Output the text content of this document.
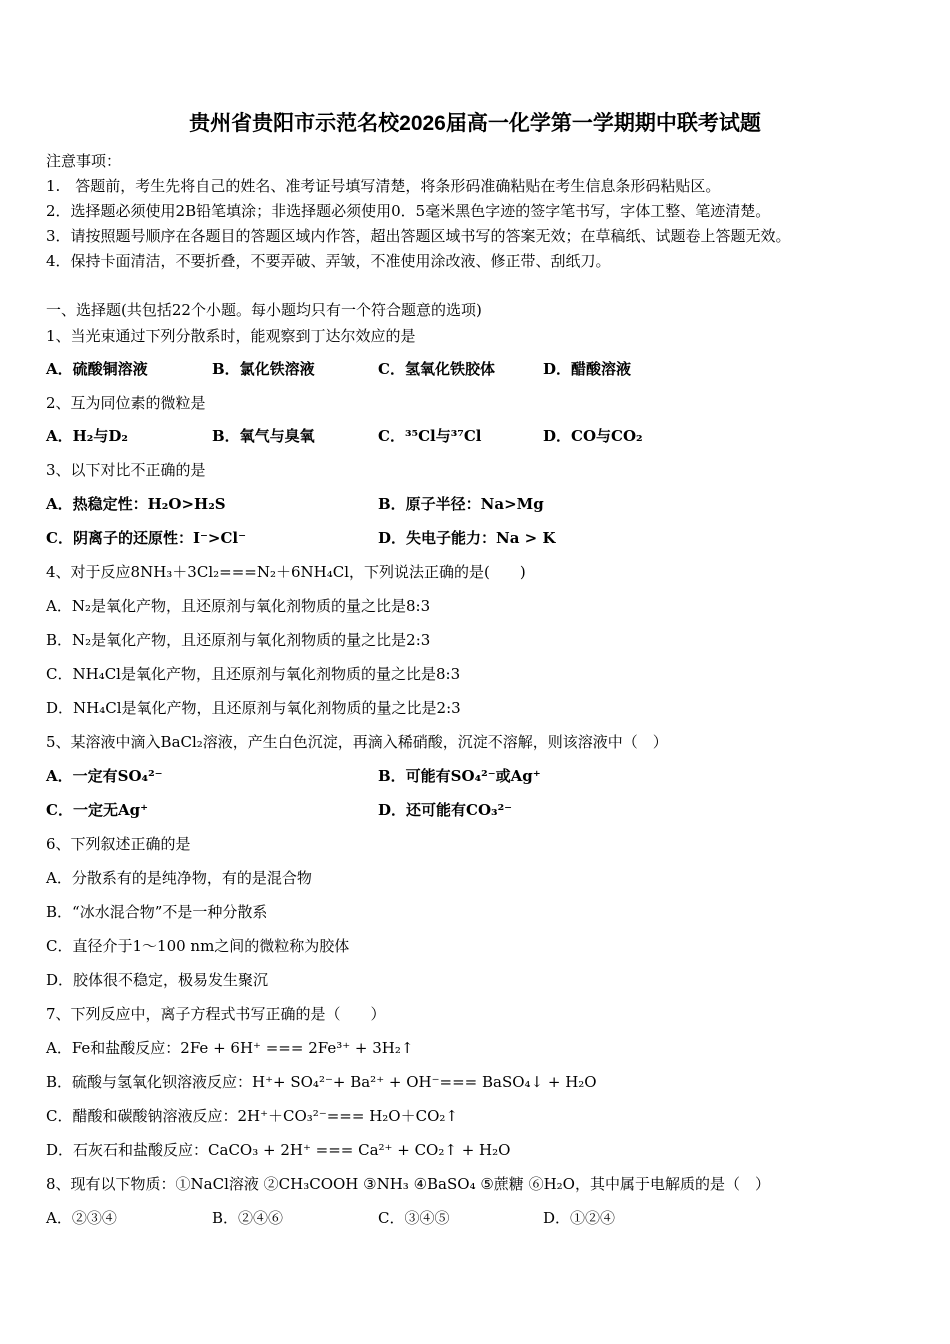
贵州省贵阳市示范名校2026届高一化学第一学期期中联考试题
注意事项：
1.　答题前，考生先将自己的姓名、准考证号填写清楚，将条形码准确粘贴在考生信息条形码粘贴区。
2．选择题必须使用2B铅笔填涂；非选择题必须使用0．5毫米黑色字迹的签字笔书写，字体工整、笔迹清楚。
3．请按照题号顺序在各题目的答题区域内作答，超出答题区域书写的答案无效；在草稿纸、试题卷上答题无效。
4．保持卡面清洁，不要折叠，不要弄破、弄皱，不准使用涂改液、修正带、刮纸刀。
一、选择题(共包括22个小题。每小题均只有一个符合题意的选项)
1、当光束通过下列分散系时，能观察到丁达尔效应的是
A．硫酸铜溶液	B．氯化铁溶液	C．氢氧化铁胶体	D．醋酸溶液
2、互为同位素的微粒是
A．H₂与D₂	B．氧气与臭氧	C．³⁵Cl与³⁷Cl	D．CO与CO₂
3、以下对比不正确的是
A．热稳定性：H₂O>H₂S	B．原子半径：Na>Mg
C．阴离子的还原性：I⁻>Cl⁻	D．失电子能力：Na > K
4、对于反应8NH₃＋3Cl₂===N₂＋6NH₄Cl，下列说法正确的是(　　)
A．N₂是氧化产物，且还原剂与氧化剂物质的量之比是8:3
B．N₂是氧化产物，且还原剂与氧化剂物质的量之比是2:3
C．NH₄Cl是氧化产物，且还原剂与氧化剂物质的量之比是8:3
D．NH₄Cl是氧化产物，且还原剂与氧化剂物质的量之比是2:3
5、某溶液中滴入BaCl₂溶液，产生白色沉淀，再滴入稀硝酸，沉淀不溶解，则该溶液中（　）
A．一定有SO₄²⁻	B．可能有SO₄²⁻或Ag⁺
C．一定无Ag⁺	D．还可能有CO₃²⁻
6、下列叙述正确的是
A．分散系有的是纯净物，有的是混合物
B．“冰水混合物”不是一种分散系
C．直径介于1～100 nm之间的微粒称为胶体
D．胶体很不稳定，极易发生聚沉
7、下列反应中，离子方程式书写正确的是（　　）
A．Fe和盐酸反应：2Fe + 6H⁺ === 2Fe³⁺ + 3H₂↑
B．硫酸与氢氧化钡溶液反应：H⁺+ SO₄²⁻+ Ba²⁺ + OH⁻=== BaSO₄↓ + H₂O
C．醋酸和碳酸钠溶液反应：2H⁺＋CO₃²⁻=== H₂O＋CO₂↑
D．石灰石和盐酸反应：CaCO₃ + 2H⁺ === Ca²⁺ + CO₂↑ + H₂O
8、现有以下物质：①NaCl溶液 ②CH₃COOH ③NH₃ ④BaSO₄ ⑤蔗糖 ⑥H₂O，其中属于电解质的是（　）
A．②③④	B．②④⑥	C．③④⑤	D．①②④
